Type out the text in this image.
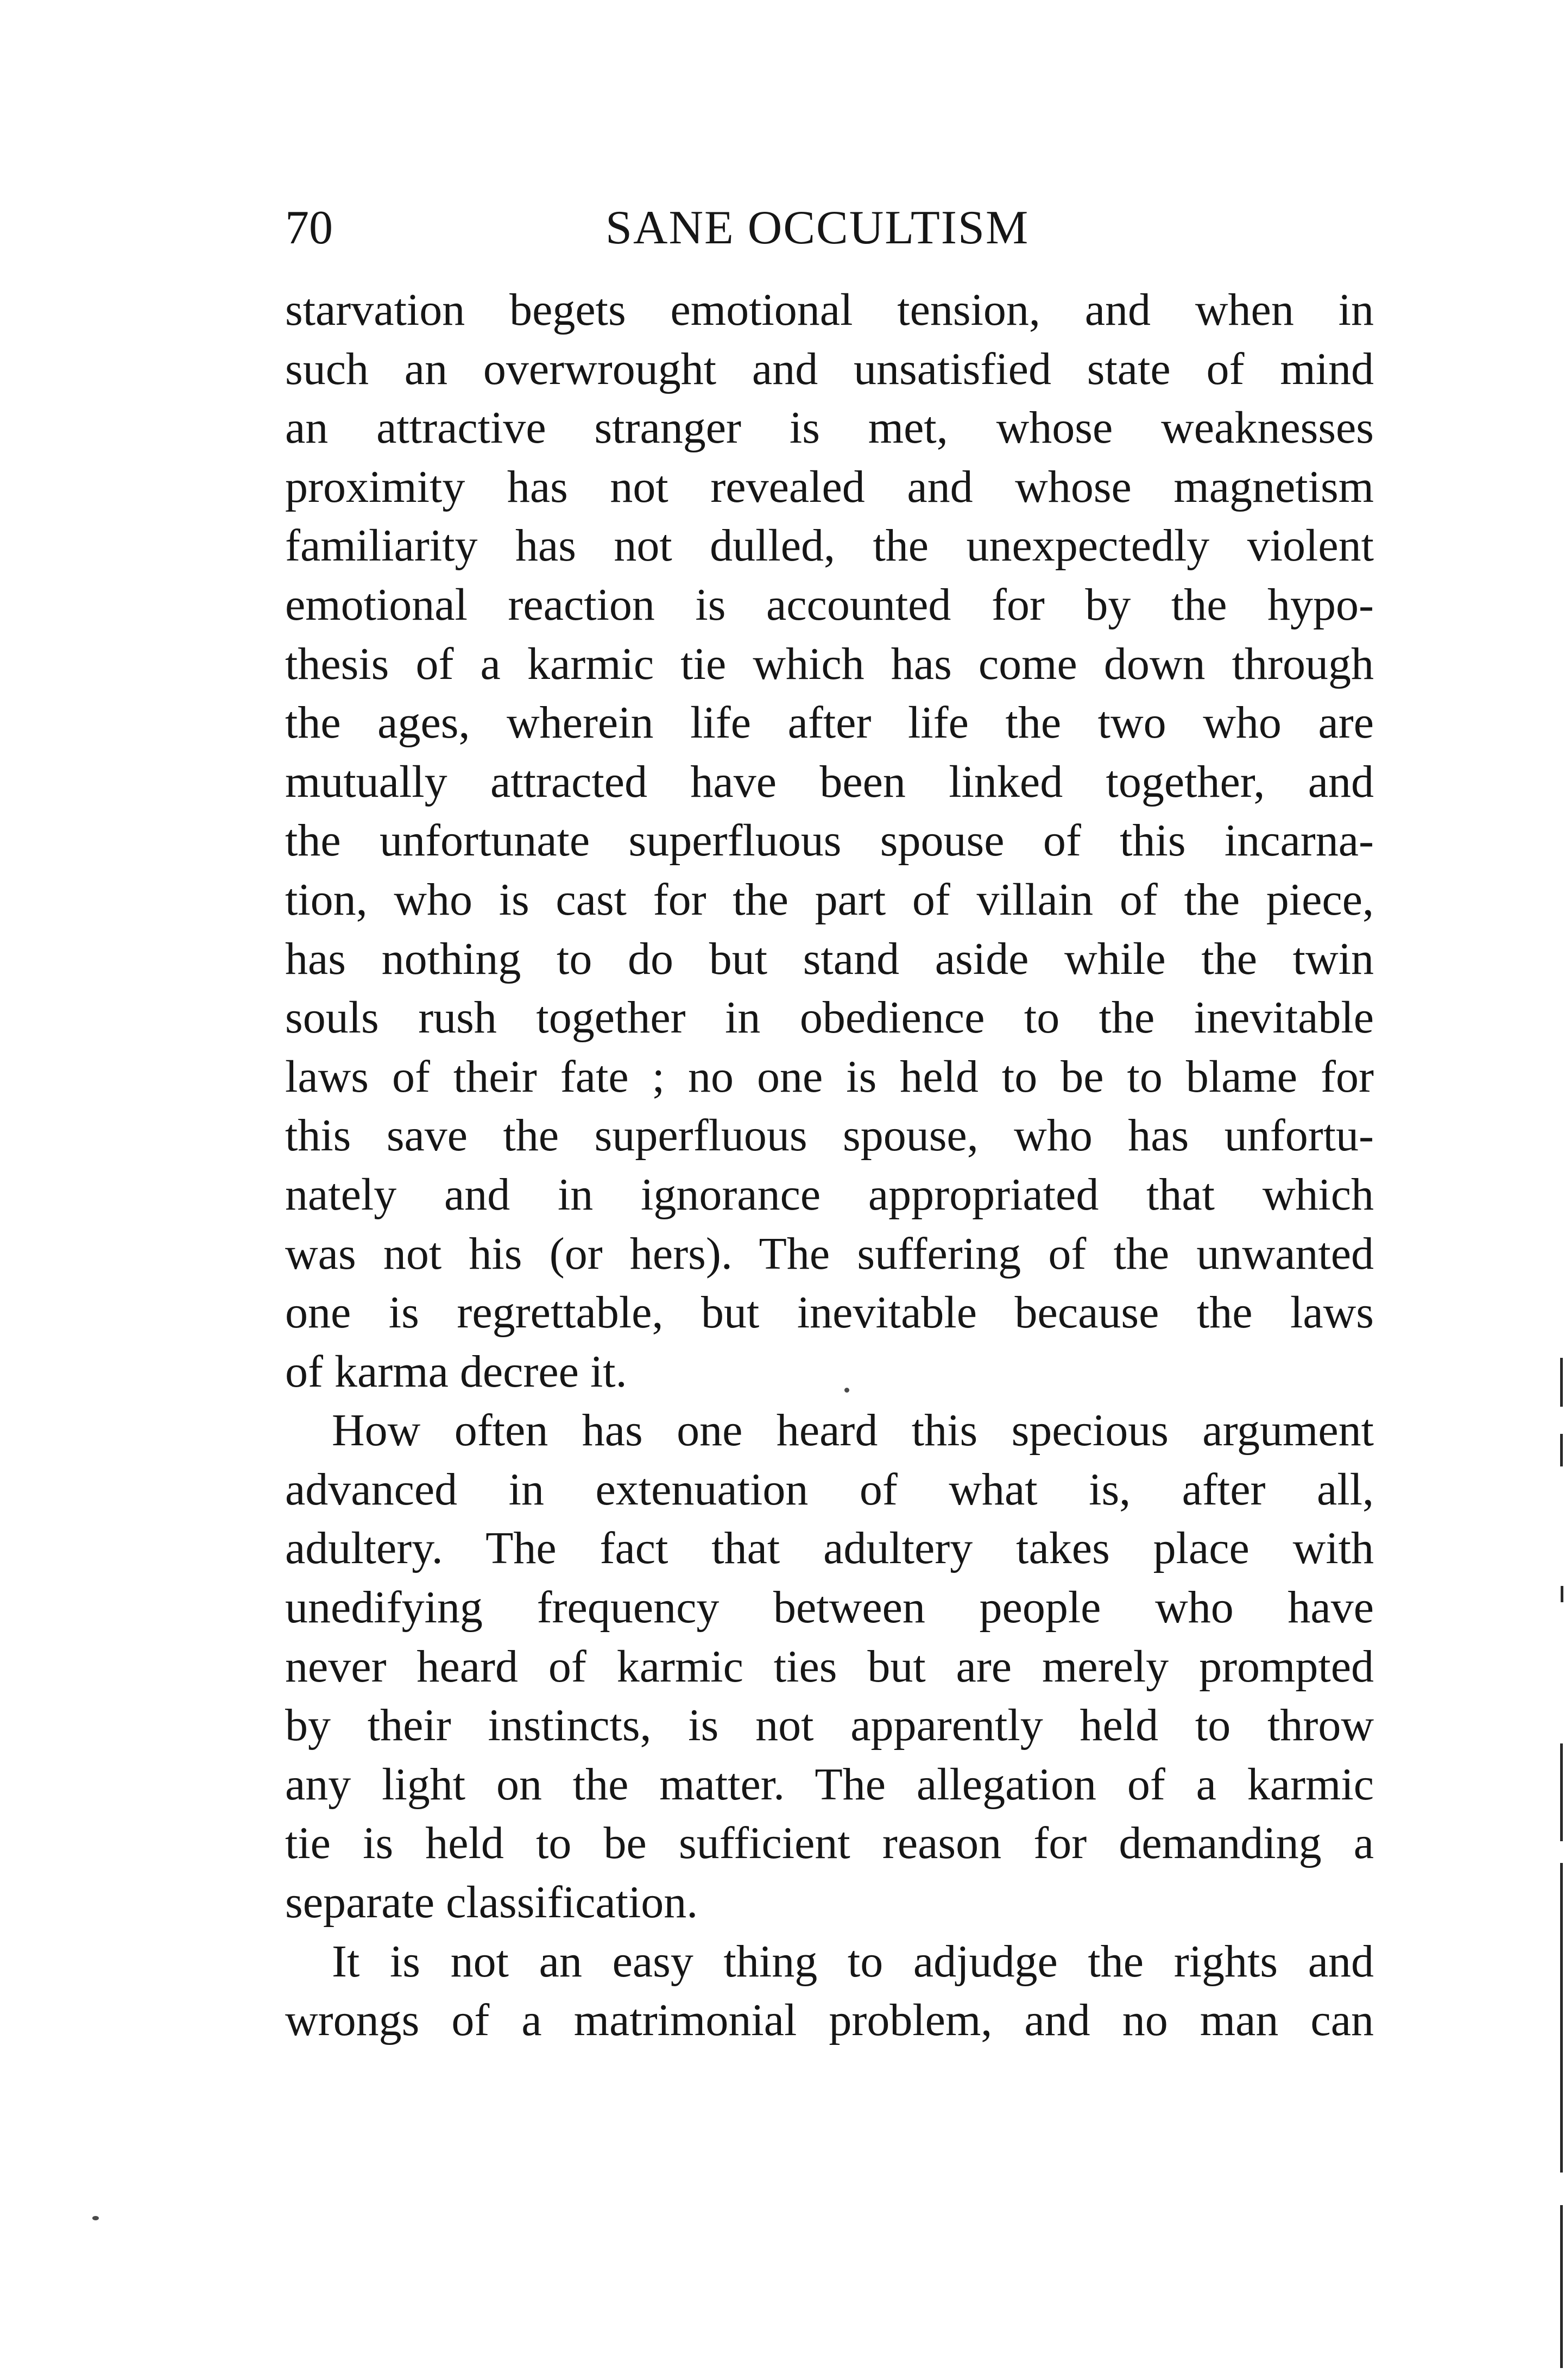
70	SANE OCCULTISM
starvation begets emotional tension, and when in
such an overwrought and unsatisfied state of mind
an attractive stranger is met, whose weaknesses
proximity has not revealed and whose magnetism
familiarity has not dulled, the unexpectedly violent
emotional reaction is accounted for by the hypo-
thesis of a karmic tie which has come down through
the ages, wherein life after life the two who are
mutually attracted have been linked together, and
the unfortunate superfluous spouse of this incarna-
tion, who is cast for the part of villain of the piece,
has nothing to do but stand aside while the twin
souls rush together in obedience to the inevitable
laws of their fate ; no one is held to be to blame for
this save the superfluous spouse, who has unfortu-
nately and in ignorance appropriated that which
was not his (or hers). The suffering of the unwanted
one is regrettable, but inevitable because the laws
of karma decree it.
How often has one heard this specious argument
advanced in extenuation of what is, after all,
adultery. The fact that adultery takes place with
unedifying frequency between people who have
never heard of karmic ties but are merely prompted
by their instincts, is not apparently held to throw
any light on the matter. The allegation of a karmic
tie is held to be sufficient reason for demanding a
separate classification.
It is not an easy thing to adjudge the rights and
wrongs of a matrimonial problem, and no man can
